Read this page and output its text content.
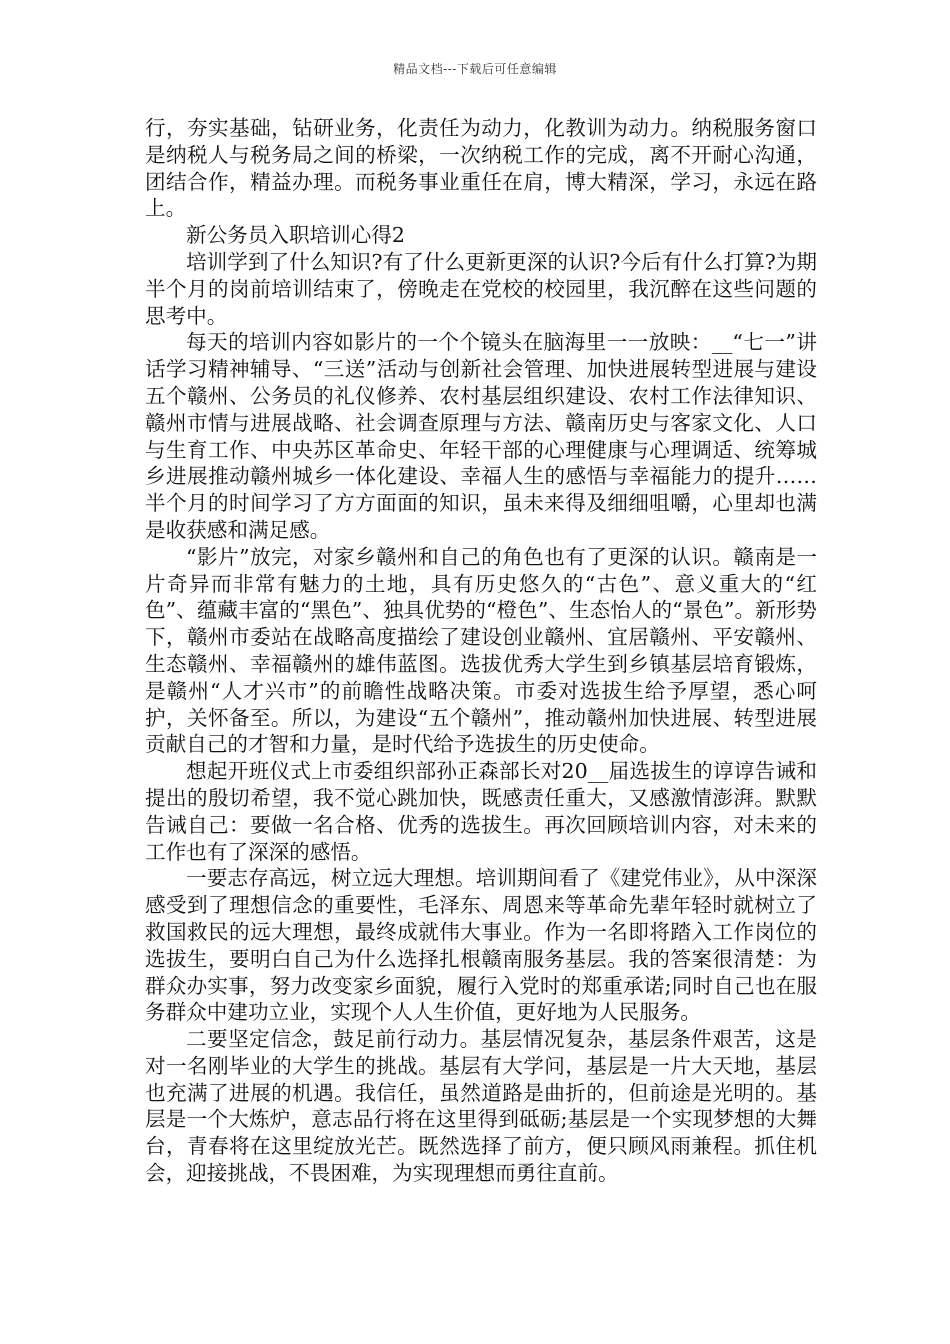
精品文档---下载后可任意编辑

行，夯实基础，钻研业务，化责任为动力，化教训为动力。纳税服务窗口是纳税人与税务局之间的桥梁，一次纳税工作的完成，离不开耐心沟通，团结合作，精益办理。而税务事业重任在肩，博大精深，学习，永远在路上。

新公务员入职培训心得2

培训学到了什么知识?有了什么更新更深的认识?今后有什么打算?为期半个月的岗前培训结束了，傍晚走在党校的校园里，我沉醉在这些问题的思考中。

每天的培训内容如影片的一个个镜头在脑海里一一放映：__“七一”讲话学习精神辅导、“三送”活动与创新社会管理、加快进展转型进展与建设五个赣州、公务员的礼仪修养、农村基层组织建设、农村工作法律知识、赣州市情与进展战略、社会调查原理与方法、赣南历史与客家文化、人口与生育工作、中央苏区革命史、年轻干部的心理健康与心理调适、统筹城乡进展推动赣州城乡一体化建设、幸福人生的感悟与幸福能力的提升……半个月的时间学习了方方面面的知识，虽未来得及细细咀嚼，心里却也满是收获感和满足感。

“影片”放完，对家乡赣州和自己的角色也有了更深的认识。赣南是一片奇异而非常有魅力的土地，具有历史悠久的“古色”、意义重大的“红色”、蕴藏丰富的“黑色”、独具优势的“橙色”、生态怡人的“景色”。新形势下，赣州市委站在战略高度描绘了建设创业赣州、宜居赣州、平安赣州、生态赣州、幸福赣州的雄伟蓝图。选拔优秀大学生到乡镇基层培育锻炼，是赣州“人才兴市”的前瞻性战略决策。市委对选拔生给予厚望，悉心呵护，关怀备至。所以，为建设“五个赣州”，推动赣州加快进展、转型进展贡献自己的才智和力量，是时代给予选拔生的历史使命。

想起开班仪式上市委组织部孙正森部长对20__届选拔生的谆谆告诫和提出的殷切希望，我不觉心跳加快，既感责任重大，又感激情澎湃。默默告诫自己：要做一名合格、优秀的选拔生。再次回顾培训内容，对未来的工作也有了深深的感悟。

一要志存高远，树立远大理想。培训期间看了《建党伟业》，从中深深感受到了理想信念的重要性，毛泽东、周恩来等革命先辈年轻时就树立了救国救民的远大理想，最终成就伟大事业。作为一名即将踏入工作岗位的选拔生，要明白自己为什么选择扎根赣南服务基层。我的答案很清楚：为群众办实事，努力改变家乡面貌，履行入党时的郑重承诺;同时自己也在服务群众中建功立业，实现个人人生价值，更好地为人民服务。

二要坚定信念，鼓足前行动力。基层情况复杂，基层条件艰苦，这是对一名刚毕业的大学生的挑战。基层有大学问，基层是一片大天地，基层也充满了进展的机遇。我信任，虽然道路是曲折的，但前途是光明的。基层是一个大炼炉，意志品行将在这里得到砥砺;基层是一个实现梦想的大舞台，青春将在这里绽放光芒。既然选择了前方，便只顾风雨兼程。抓住机会，迎接挑战，不畏困难，为实现理想而勇往直前。
